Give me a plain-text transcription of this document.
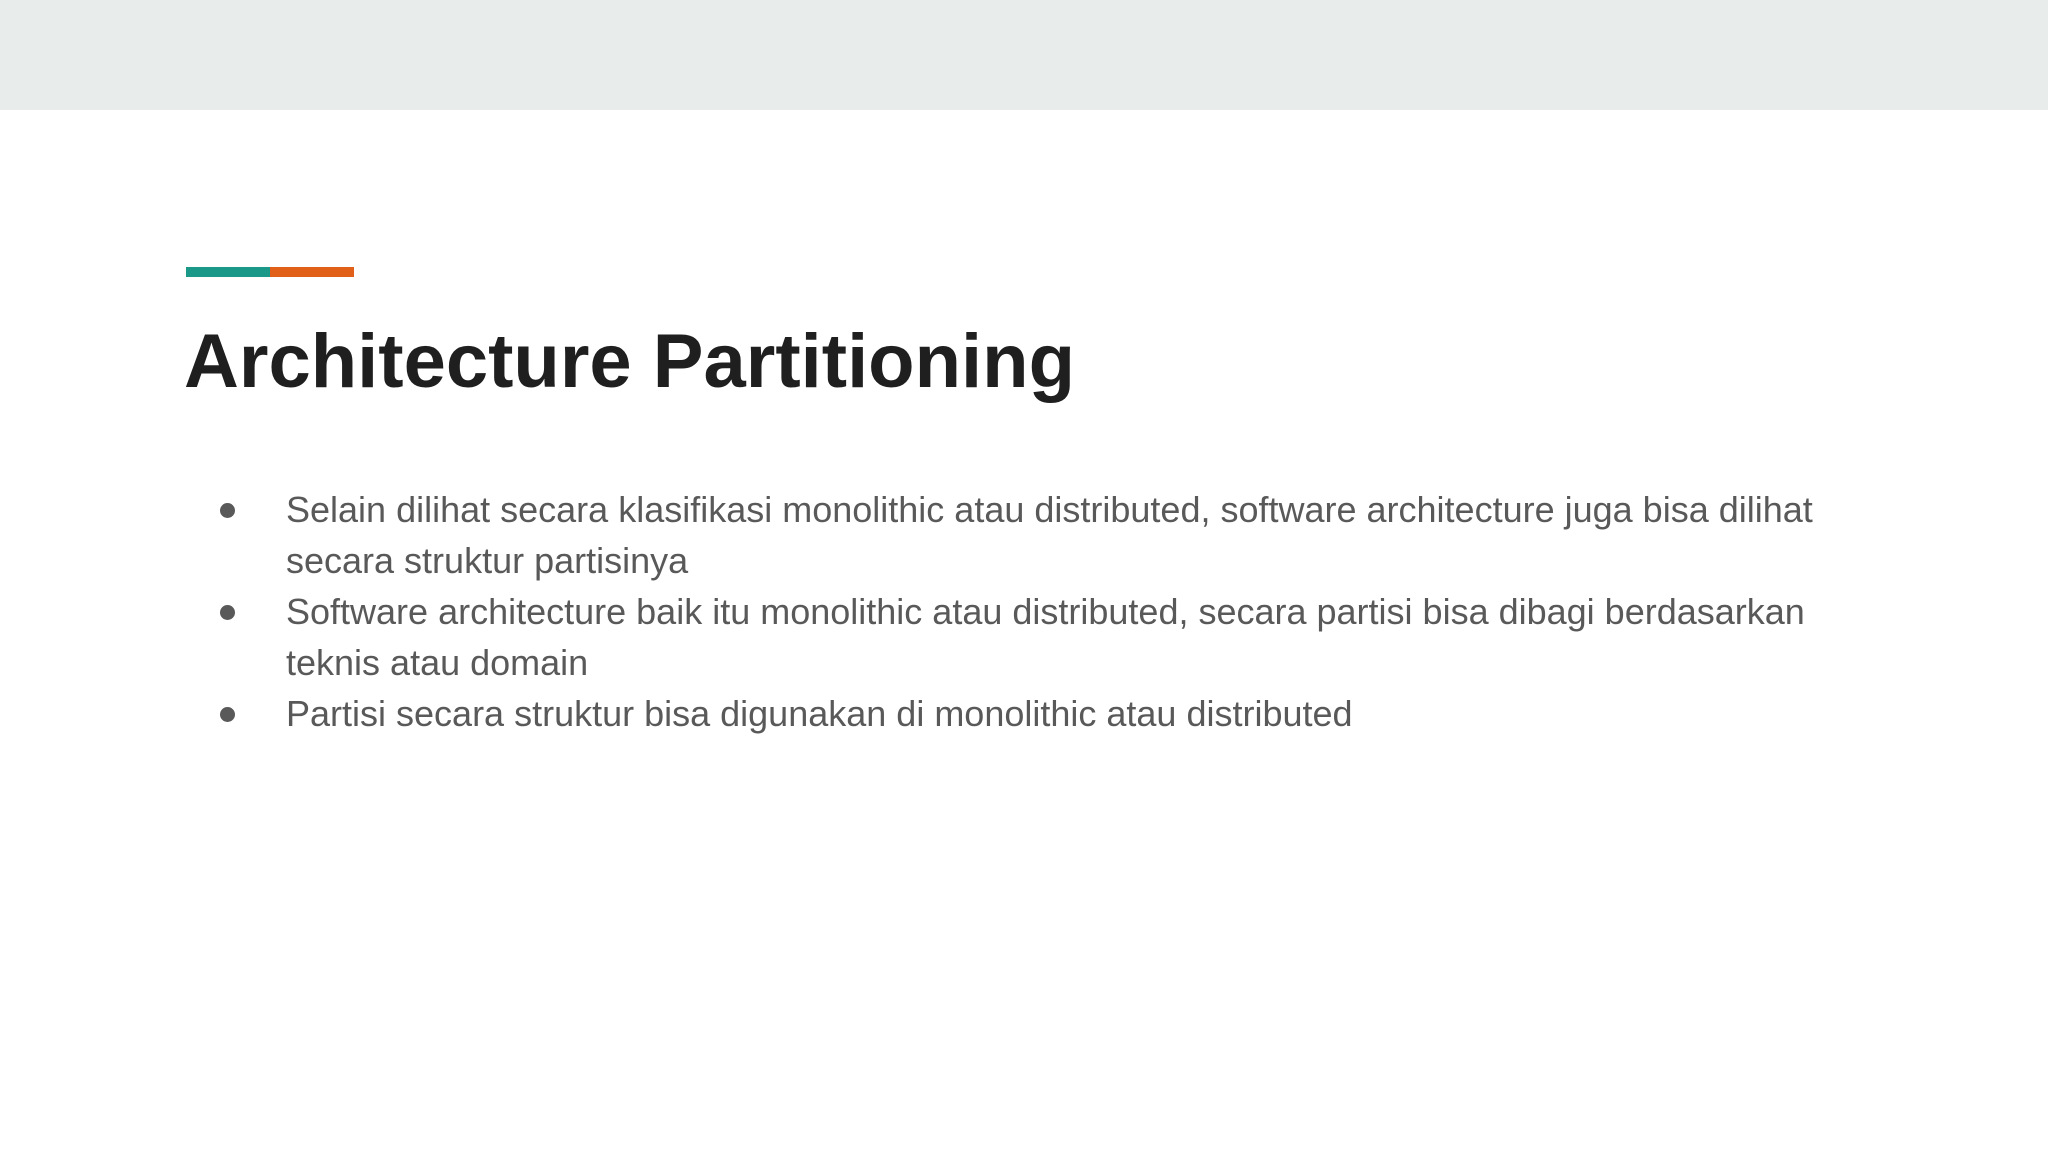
Architecture Partitioning
Selain dilihat secara klasifikasi monolithic atau distributed, software architecture juga bisa dilihat secara struktur partisinya
Software architecture baik itu monolithic atau distributed, secara partisi bisa dibagi berdasarkan teknis atau domain
Partisi secara struktur bisa digunakan di monolithic atau distributed
